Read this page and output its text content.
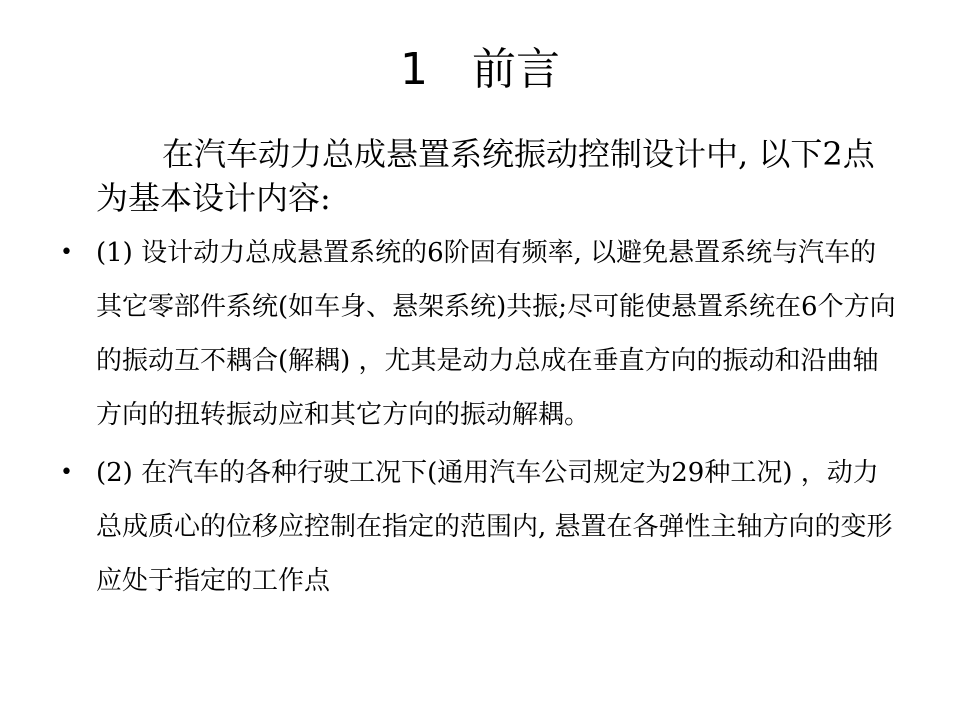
1 前言
在汽车动力总成悬置系统振动控制设计中, 以下2点为基本设计内容:
• (1) 设计动力总成悬置系统的6阶固有频率, 以避免悬置系统与汽车的其它零部件系统(如车身、悬架系统)共振;尽可能使悬置系统在6个方向的振动互不耦合(解耦) ，尤其是动力总成在垂直方向的振动和沿曲轴方向的扭转振动应和其它方向的振动解耦。
• (2) 在汽车的各种行驶工况下(通用汽车公司规定为29种工况) ，动力总成质心的位移应控制在指定的范围内, 悬置在各弹性主轴方向的变形应处于指定的工作点
